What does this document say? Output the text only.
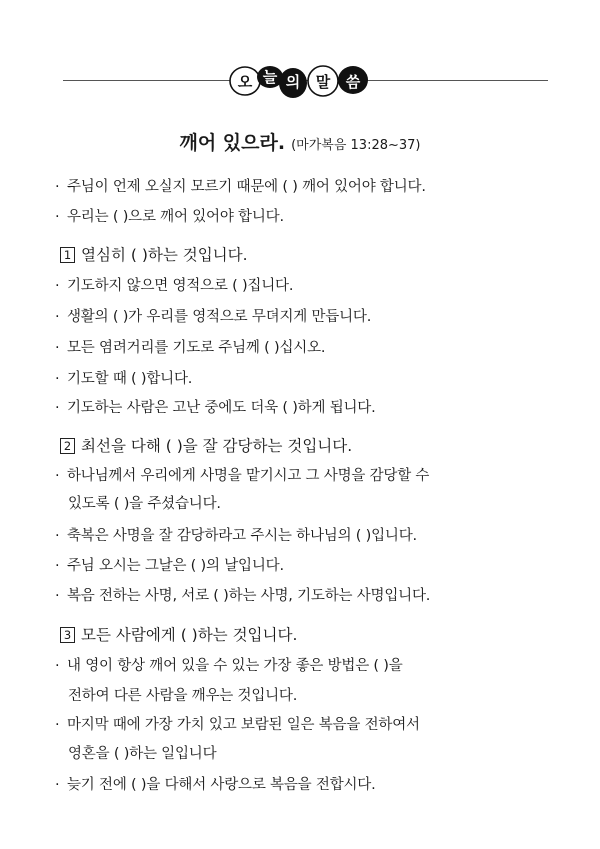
오 늘 의 말 씀
깨어 있으라. (마가복음 13:28~37)
· 주님이 언제 오실지 모르기 때문에 ( ) 깨어 있어야 합니다.
· 우리는 ( )으로 깨어 있어야 합니다.
1 열심히 ( )하는 것입니다.
· 기도하지 않으면 영적으로 ( )집니다.
· 생활의 ( )가 우리를 영적으로 무뎌지게 만듭니다.
· 모든 염려거리를 기도로 주님께 ( )십시오.
· 기도할 때 ( )합니다.
· 기도하는 사람은 고난 중에도 더욱 ( )하게 됩니다.
2 최선을 다해 ( )을 잘 감당하는 것입니다.
· 하나님께서 우리에게 사명을 맡기시고 그 사명을 감당할 수
있도록 ( )을 주셨습니다.
· 축복은 사명을 잘 감당하라고 주시는 하나님의 ( )입니다.
· 주님 오시는 그날은 ( )의 날입니다.
· 복음 전하는 사명, 서로 ( )하는 사명, 기도하는 사명입니다.
3 모든 사람에게 ( )하는 것입니다.
· 내 영이 항상 깨어 있을 수 있는 가장 좋은 방법은 ( )을
전하여 다른 사람을 깨우는 것입니다.
· 마지막 때에 가장 가치 있고 보람된 일은 복음을 전하여서
영혼을 ( )하는 일입니다
· 늦기 전에 ( )을 다해서 사랑으로 복음을 전합시다.
